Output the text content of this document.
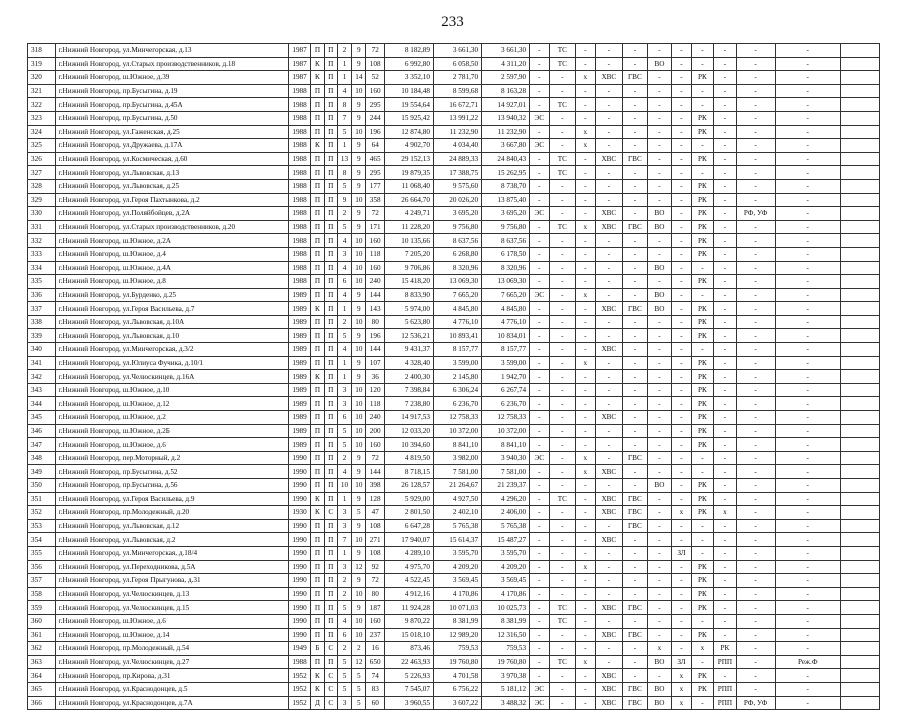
233
318	г.Нижний Новгород, ул.Минчегорская, д.13	1987	П	П	2	9	72	8 182,89	3 661,30	3 661,30	-	ТС	-	-	-	-	-	-	-	-	-	
319	г.Нижний Новгород, ул.Старых производственников, д.18	1987	К	П	1	9	108	6 992,80	6 058,50	4 311,20	-	ТС	-	-	-	ВО	-	-	-	-	-	
320	г.Нижний Новгород, ш.Южное, д.39	1987	К	П	1	14	52	3 352,10	2 781,70	2 597,90	-	-	х	ХВС	ГВС	-	-	РК	-	-	-	
321	г.Нижний Новгород, пр.Бусыгина, д.19	1988	П	П	4	10	160	10 184,48	8 599,68	8 163,28	-	-	-	-	-	-	-	-	-	-	-	
322	г.Нижний Новгород, пр.Бусыгина, д.45А	1988	П	П	8	9	295	19 554,64	16 672,71	14 927,01	-	ТС	-	-	-	-	-	-	-	-	-	
323	г.Нижний Новгород, пр.Бусыгина, д.50	1988	П	П	7	9	244	15 925,42	13 991,22	13 940,32	ЭС	-	-	-	-	-	-	РК	-	-	-	
324	г.Нижний Новгород, ул.Гаженская, д.25	1988	П	П	5	10	196	12 874,80	11 232,90	11 232,90	-	-	х	-	-	-	-	РК	-	-	-	
325	г.Нижний Новгород, ул.Дружаева, д.17А	1988	К	П	1	9	64	4 902,70	4 034,40	3 667,80	ЭС	-	х	-	-	-	-	-	-	-	-	
326	г.Нижний Новгород, ул.Космическая, д.60	1988	П	П	13	9	465	29 152,13	24 889,33	24 840,43	-	ТС	-	ХВС	ГВС	-	-	РК	-	-	-	
327	г.Нижний Новгород, ул.Львовская, д.13	1988	П	П	8	9	295	19 879,35	17 388,75	15 262,95	-	ТС	-	-	-	-	-	-	-	-	-	
328	г.Нижний Новгород, ул.Львовская, д.25	1988	П	П	5	9	177	11 068,40	9 575,60	8 738,70	-	-	-	-	-	-	-	РК	-	-	-	
329	г.Нижний Новгород, ул.Героя Пахтынкова, д.2	1988	П	П	9	10	358	26 664,70	20 026,20	13 875,40	-	-	-	-	-	-	-	РК	-	-	-	
330	г.Нижний Новгород, ул.Поляйбойцев, д.2А	1988	П	П	2	9	72	4 249,71	3 695,20	3 695,20	ЭС	-	-	ХВС	-	ВО	-	РК	-	РФ, УФ	-	
331	г.Нижний Новгород, ул.Старых производственников, д.20	1988	П	П	5	9	171	11 228,20	9 756,80	9 756,80	-	ТС	х	ХВС	ГВС	ВО	-	РК	-	-	-	
332	г.Нижний Новгород, ш.Южное, д.2А	1988	П	П	4	10	160	10 135,66	8 637,56	8 637,56	-	-	-	-	-	-	-	РК	-	-	-	
333	г.Нижний Новгород, ш.Южное, д.4	1988	П	П	3	10	118	7 205,20	6 268,80	6 178,50	-	-	-	-	-	-	-	РК	-	-	-	
334	г.Нижний Новгород, ш.Южное, д.4А	1988	П	П	4	10	160	9 706,86	8 320,96	8 320,96	-	-	-	-	-	ВО	-	-	-	-	-	
335	г.Нижний Новгород, ш.Южное, д.8	1988	П	П	6	10	240	15 418,20	13 069,30	13 069,30	-	-	-	-	-	-	-	РК	-	-	-	
336	г.Нижний Новгород, ул.Бурденко, д.25	1989	П	П	4	9	144	8 833,90	7 665,20	7 665,20	ЭС	-	х	-	-	ВО	-	-	-	-	-	
337	г.Нижний Новгород, ул.Героя Васильева, д.7	1989	К	П	1	9	143	5 974,00	4 845,80	4 845,80	-	-	-	ХВС	ГВС	ВО	-	РК	-	-	-	
338	г.Нижний Новгород, ул.Львовская, д.10А	1989	П	П	2	10	80	5 623,80	4 776,10	4 776,10	-	-	-	-	-	-	-	РК	-	-	-	
339	г.Нижний Новгород, ул.Львовская, д.10	1989	П	П	5	9	196	12 536,21	10 893,41	10 834,01	-	-	-	-	-	-	-	РК	-	-	-	
340	г.Нижний Новгород, ул.Минчегорская, д.3/2	1989	П	П	4	10	144	9 431,37	8 157,77	8 157,77	-	-	-	ХВС	-	-	-	-	-	-	-	
341	г.Нижний Новгород, ул.Юлиуса Фучика, д.10/1	1989	П	П	1	9	107	4 328,40	3 599,00	3 599,00	-	-	х	-	-	-	-	РК	-	-	-	
342	г.Нижний Новгород, ул.Челюскинцев, д.16А	1989	К	П	1	9	36	2 400,30	2 145,80	1 942,70	-	-	-	-	-	-	-	РК	-	-	-	
343	г.Нижний Новгород, ш.Южное, д.10	1989	П	П	3	10	120	7 398,84	6 306,24	6 267,74	-	-	-	-	-	-	-	РК	-	-	-	
344	г.Нижний Новгород, ш.Южное, д.12	1989	П	П	3	10	118	7 238,80	6 236,70	6 236,70	-	-	-	-	-	-	-	РК	-	-	-	
345	г.Нижний Новгород, ш.Южное, д.2	1989	П	П	6	10	240	14 917,53	12 758,33	12 758,33	-	-	-	ХВС	-	-	-	РК	-	-	-	
346	г.Нижний Новгород, ш.Южное, д.2Б	1989	П	П	5	10	200	12 033,20	10 372,00	10 372,00	-	-	-	-	-	-	-	РК	-	-	-	
347	г.Нижний Новгород, ш.Южное, д.6	1989	П	П	5	10	160	10 394,60	8 841,10	8 841,10	-	-	-	-	-	-	-	РК	-	-	-	
348	г.Нижний Новгород, пер.Моторный, д.2	1990	П	П	2	9	72	4 819,50	3 982,00	3 940,30	ЭС	-	х	-	ГВС	-	-	-	-	-	-	
349	г.Нижний Новгород, пр.Бусыгина, д.52	1990	П	П	4	9	144	8 718,15	7 581,00	7 581,00	-	-	х	ХВС	-	-	-	-	-	-	-	
350	г.Нижний Новгород, пр.Бусыгина, д.56	1990	П	П	10	10	398	26 128,57	21 264,67	21 239,37	-	-	-	-	-	ВО	-	РК	-	-	-	
351	г.Нижний Новгород, ул.Героя Васильева, д.9	1990	К	П	1	9	128	5 929,00	4 927,50	4 296,20	-	ТС	-	ХВС	ГВС	-	-	РК	-	-	-	
352	г.Нижний Новгород, пр.Молодежный, д.20	1930	К	С	3	5	47	2 801,50	2 402,10	2 406,00	-	-	-	ХВС	ГВС	-	х	РК	х	-	-	
353	г.Нижний Новгород, ул.Львовская, д.12	1990	П	П	3	9	108	6 647,28	5 765,38	5 765,38	-	-	-	-	ГВС	-	-	-	-	-	-	
354	г.Нижний Новгород, ул.Львовская, д.2	1990	П	П	7	10	271	17 940,07	15 614,37	15 487,27	-	-	-	ХВС	-	-	-	-	-	-	-	
355	г.Нижний Новгород, ул.Минчегорская, д.18/4	1990	П	П	1	9	108	4 289,10	3 595,70	3 595,70	-	-	-	-	-	-	ЗЛ	-	-	-	-	
356	г.Нижний Новгород, ул.Переходникова, д.5А	1990	П	П	3	12	92	4 975,70	4 209,20	4 209,20	-	-	х	-	-	-	-	РК	-	-	-	
357	г.Нижний Новгород, ул.Героя Прыгунова, д.31	1990	П	П	2	9	72	4 522,45	3 569,45	3 569,45	-	-	-	-	-	-	-	РК	-	-	-	
358	г.Нижний Новгород, ул.Челюскинцев, д.13	1990	П	П	2	10	80	4 912,16	4 170,86	4 170,86	-	-	-	-	-	-	-	РК	-	-	-	
359	г.Нижний Новгород, ул.Челюскинцев, д.15	1990	П	П	5	9	187	11 924,28	10 071,03	10 025,73	-	ТС	-	ХВС	ГВС	-	-	РК	-	-	-	
360	г.Нижний Новгород, ш.Южное, д.6	1990	П	П	4	10	160	9 870,22	8 381,99	8 381,99	-	ТС	-	-	-	-	-	-	-	-	-	
361	г.Нижний Новгород, ш.Южное, д.14	1990	П	П	6	10	237	15 018,10	12 989,20	12 316,50	-	-	-	ХВС	ГВС	-	-	РК	-	-	-	
362	г.Нижний Новгород, пр.Молодежный, д.54	1949	Б	С	2	2	16	873,46	759,53	759,53	-	-	-	-	-	х	-	х	РК	-	-	
363	г.Нижний Новгород, ул.Челюскинцев, д.27	1988	П	П	5	12	650	22 463,93	19 760,80	19 760,80	-	ТС	х	-	-	ВО	ЗЛ	-	РПП	-	Реж.Ф	
364	г.Нижний Новгород, пр.Кирова, д.31	1952	К	С	5	5	74	5 226,93	4 701,58	3 970,38	-	-	-	ХВС	-	-	х	РК	-	-	-	
365	г.Нижний Новгород, ул.Краснодонцев, д.5	1952	К	С	5	5	83	7 545,07	6 756,22	5 181,12	ЭС	-	-	ХВС	ГВС	ВО	х	РК	РПП	-	-	
366	г.Нижний Новгород, ул.Краснодонцев, д.7А	1952	Д	С	3	5	60	3 960,55	3 607,22	3 488,32	ЭС	-	-	ХВС	ГВС	ВО	х	-	РПП	РФ, УФ	-	
